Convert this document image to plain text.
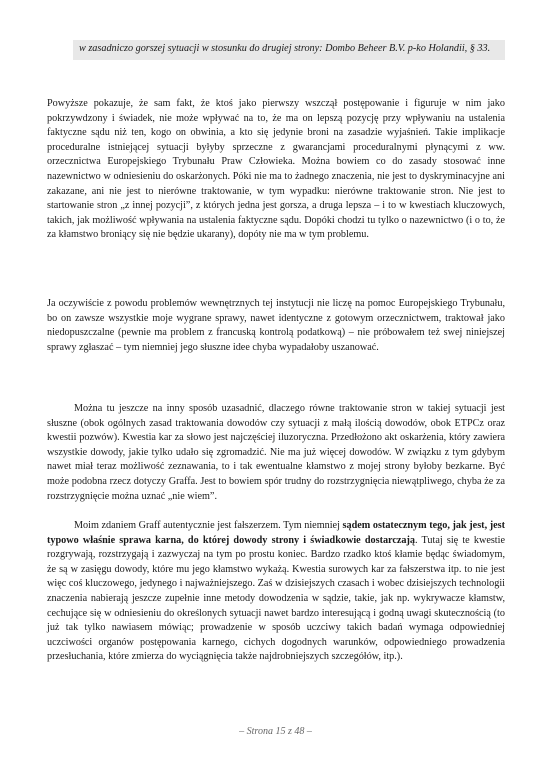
w zasadniczo gorszej sytuacji w stosunku do drugiej strony: Dombo Beheer B.V. p-ko Holandii, § 33.

Powyższe pokazuje, że sam fakt, że ktoś jako pierwszy wszczął postępowanie i figuruje w nim jako pokrzywdzony i świadek, nie może wpływać na to, że ma on lepszą pozycję przy wpływaniu na ustalenia faktyczne sądu niż ten, kogo on obwinia, a kto się jedynie broni na zasadzie wyjaśnień. Takie implikacje proceduralne istniejącej sytuacji byłyby sprzeczne z gwarancjami proceduralnymi płynącymi z ww. orzecznictwa Europejskiego Trybunału Praw Człowieka. Można bowiem co do zasady stosować inne nazewnictwo w odniesieniu do oskarżonych. Póki nie ma to żadnego znaczenia, nie jest to dyskryminacyjne ani zakazane, ani nie jest to nierówne traktowanie, w tym wypadku: nierówne traktowanie stron. Nie jest to startowanie stron „z innej pozycji”, z których jedna jest gorsza, a druga lepsza – i to w kwestiach kluczowych, takich, jak możliwość wpływania na ustalenia faktyczne sądu. Dopóki chodzi tu tylko o nazewnictwo (i o to, że za kłamstwo broniący się nie będzie ukarany), dopóty nie ma w tym problemu.

Ja oczywiście z powodu problemów wewnętrznych tej instytucji nie liczę na pomoc Europejskiego Trybunału, bo on zawsze wszystkie moje wygrane sprawy, nawet identyczne z gotowym orzecznictwem, traktował jako niedopuszczalne (pewnie ma problem z francuską kontrolą podatkową) – nie próbowałem też swej niniejszej sprawy zgłaszać – tym niemniej jego słuszne idee chyba wypadałoby uszanować.

Można tu jeszcze na inny sposób uzasadnić, dlaczego równe traktowanie stron w takiej sytuacji jest słuszne (obok ogólnych zasad traktowania dowodów czy sytuacji z małą ilością dowodów, obok ETPCz oraz kwestii pozwów). Kwestia kar za słowo jest najczęściej iluzoryczna. Przedłożono akt oskarżenia, który zawiera wszystkie dowody, jakie tylko udało się zgromadzić. Nie ma już więcej dowodów. W związku z tym gdybym nawet miał teraz możliwość zeznawania, to i tak ewentualne kłamstwo z mojej strony byłoby bezkarne. Być może podobna rzecz dotyczy Graffa. Jest to bowiem spór trudny do rozstrzygnięcia niewątpliwego, chyba że za rozstrzygnięcie można uznać „nie wiem”.

Moim zdaniem Graff autentycznie jest fałszerzem. Tym niemniej sądem ostatecznym tego, jak jest, jest typowo właśnie sprawa karna, do której dowody strony i świadkowie dostarczają. Tutaj się te kwestie rozgrywają, rozstrzygają i zazwyczaj na tym po prostu koniec. Bardzo rzadko ktoś kłamie będąc świadomym, że są w zasięgu dowody, które mu jego kłamstwo wykażą. Kwestia surowych kar za fałszerstwa itp. to nie jest więc coś kluczowego, jedynego i najważniejszego. Zaś w dzisiejszych czasach i wobec dzisiejszych technologii znaczenia nabierają jeszcze zupełnie inne metody dowodzenia w sądzie, takie, jak np. wykrywacze kłamstw, cechujące się w odniesieniu do określonych sytuacji nawet bardzo interesującą i godną uwagi skutecznością (to już tak tylko nawiasem mówiąc; prowadzenie w sposób uczciwy takich badań wymaga odpowiedniej uczciwości organów postępowania karnego, cichych dogodnych warunków, odpowiedniego prowadzenia przesłuchania, które zmierza do wyciągnięcia także najdrobniejszych szczegółów, itp.).

– Strona 15 z 48 –
